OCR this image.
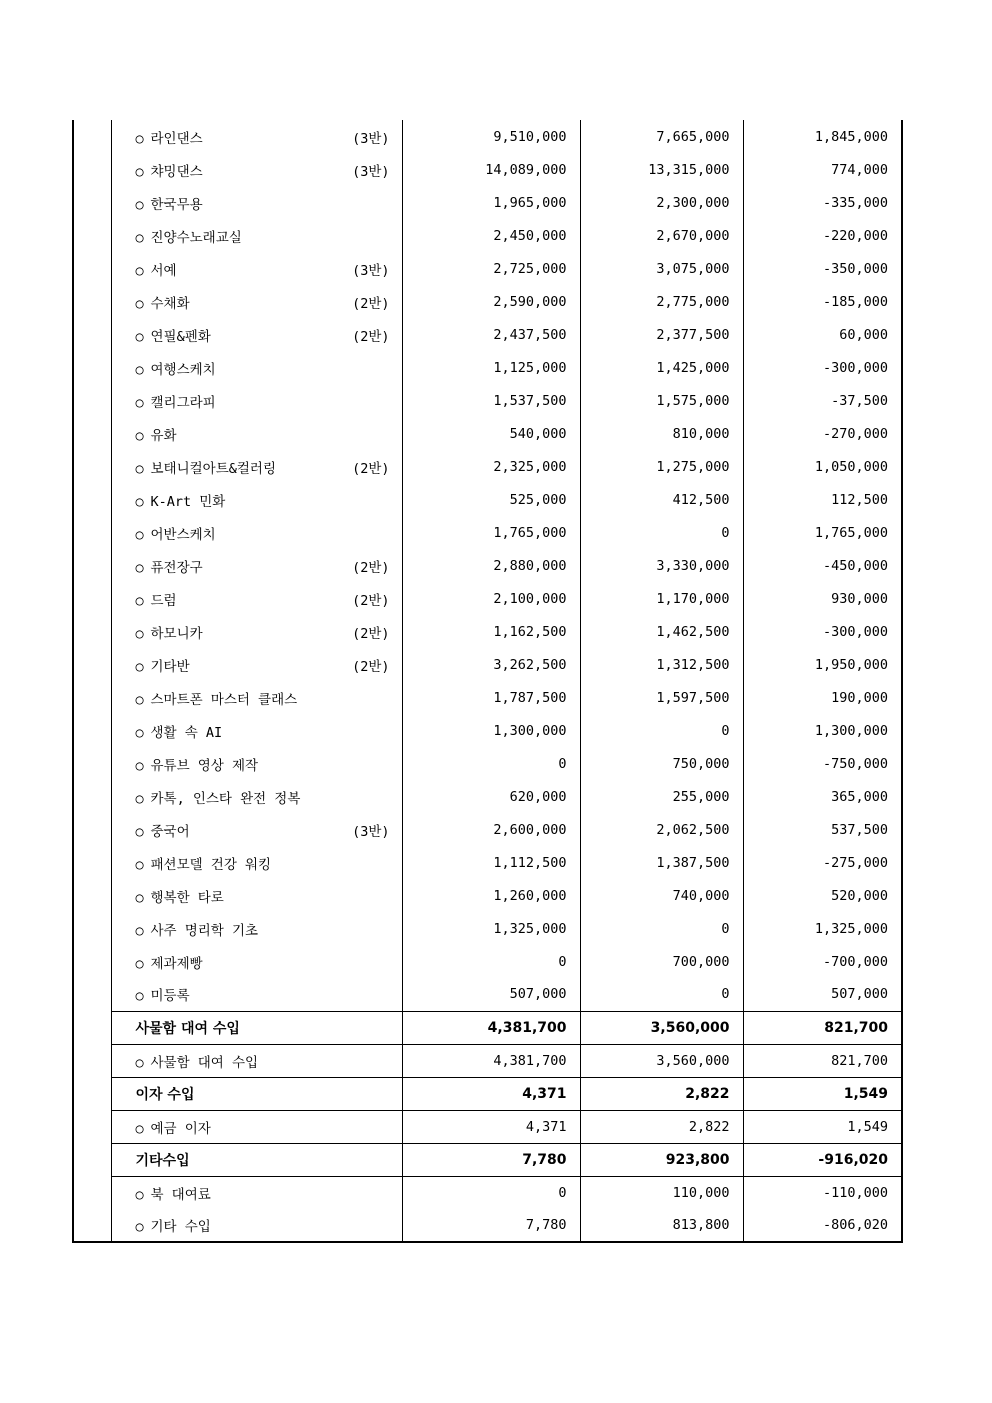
	○ 라인댄스 (3반)	9,510,000	7,665,000	1,845,000
	○ 챠밍댄스 (3반)	14,089,000	13,315,000	774,000
	○ 한국무용	1,965,000	2,300,000	-335,000
	○ 진양수노래교실	2,450,000	2,670,000	-220,000
	○ 서예 (3반)	2,725,000	3,075,000	-350,000
	○ 수채화 (2반)	2,590,000	2,775,000	-185,000
	○ 연필&펜화 (2반)	2,437,500	2,377,500	60,000
	○ 여행스케치	1,125,000	1,425,000	-300,000
	○ 캘리그라피	1,537,500	1,575,000	-37,500
	○ 유화	540,000	810,000	-270,000
	○ 보태니컬아트&컬러링 (2반)	2,325,000	1,275,000	1,050,000
	○ K-Art 민화	525,000	412,500	112,500
	○ 어반스케치	1,765,000	0	1,765,000
	○ 퓨전장구 (2반)	2,880,000	3,330,000	-450,000
	○ 드럼 (2반)	2,100,000	1,170,000	930,000
	○ 하모니카 (2반)	1,162,500	1,462,500	-300,000
	○ 기타반 (2반)	3,262,500	1,312,500	1,950,000
	○ 스마트폰 마스터 클래스	1,787,500	1,597,500	190,000
	○ 생활 속 AI	1,300,000	0	1,300,000
	○ 유튜브 영상 제작	0	750,000	-750,000
	○ 카톡, 인스타 완전 정복	620,000	255,000	365,000
	○ 중국어 (3반)	2,600,000	2,062,500	537,500
	○ 패션모델 건강 워킹	1,112,500	1,387,500	-275,000
	○ 행복한 타로	1,260,000	740,000	520,000
	○ 사주 명리학 기초	1,325,000	0	1,325,000
	○ 제과제빵	0	700,000	-700,000
	○ 미등록	507,000	0	507,000
	사물함 대여 수입	4,381,700	3,560,000	821,700
	○ 사물함 대여 수입	4,381,700	3,560,000	821,700
	이자 수입	4,371	2,822	1,549
	○ 예금 이자	4,371	2,822	1,549
	기타수입	7,780	923,800	-916,020
	○ 북 대여료	0	110,000	-110,000
	○ 기타 수입	7,780	813,800	-806,020
